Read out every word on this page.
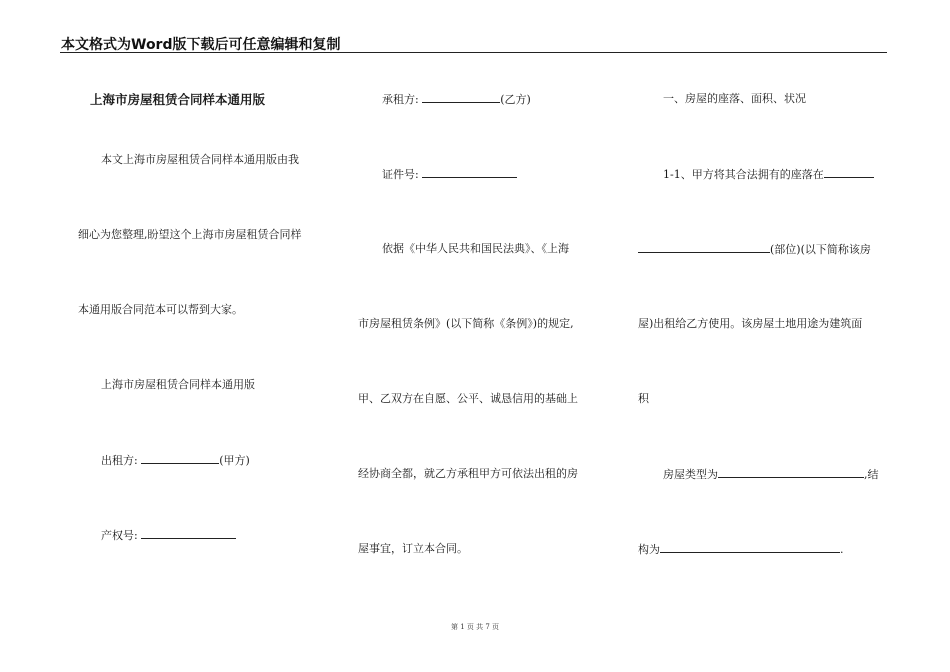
本文格式为Word版下载后可任意编辑和复制
上海市房屋租赁合同样本通用版
本文上海市房屋租赁合同样本通用版由我
细心为您整理,盼望这个上海市房屋租赁合同样
本通用版合同范本可以帮到大家。
上海市房屋租赁合同样本通用版
出租方:	(甲方)
产权号:
承租方:	(乙方)
证件号:
依据《中华人民共和国民法典》、《上海
市房屋租赁条例》(以下简称《条例》)的规定,
甲、乙双方在自愿、公平、诚恳信用的基础上
经协商全都，就乙方承租甲方可依法出租的房
屋事宜，订立本合同。
一、房屋的座落、面积、状况
1-1、甲方将其合法拥有的座落在
(部位)(以下简称该房
屋)出租给乙方使用。该房屋土地用途为建筑面
积
房屋类型为	,结
构为	.
第 1 页 共 7 页
